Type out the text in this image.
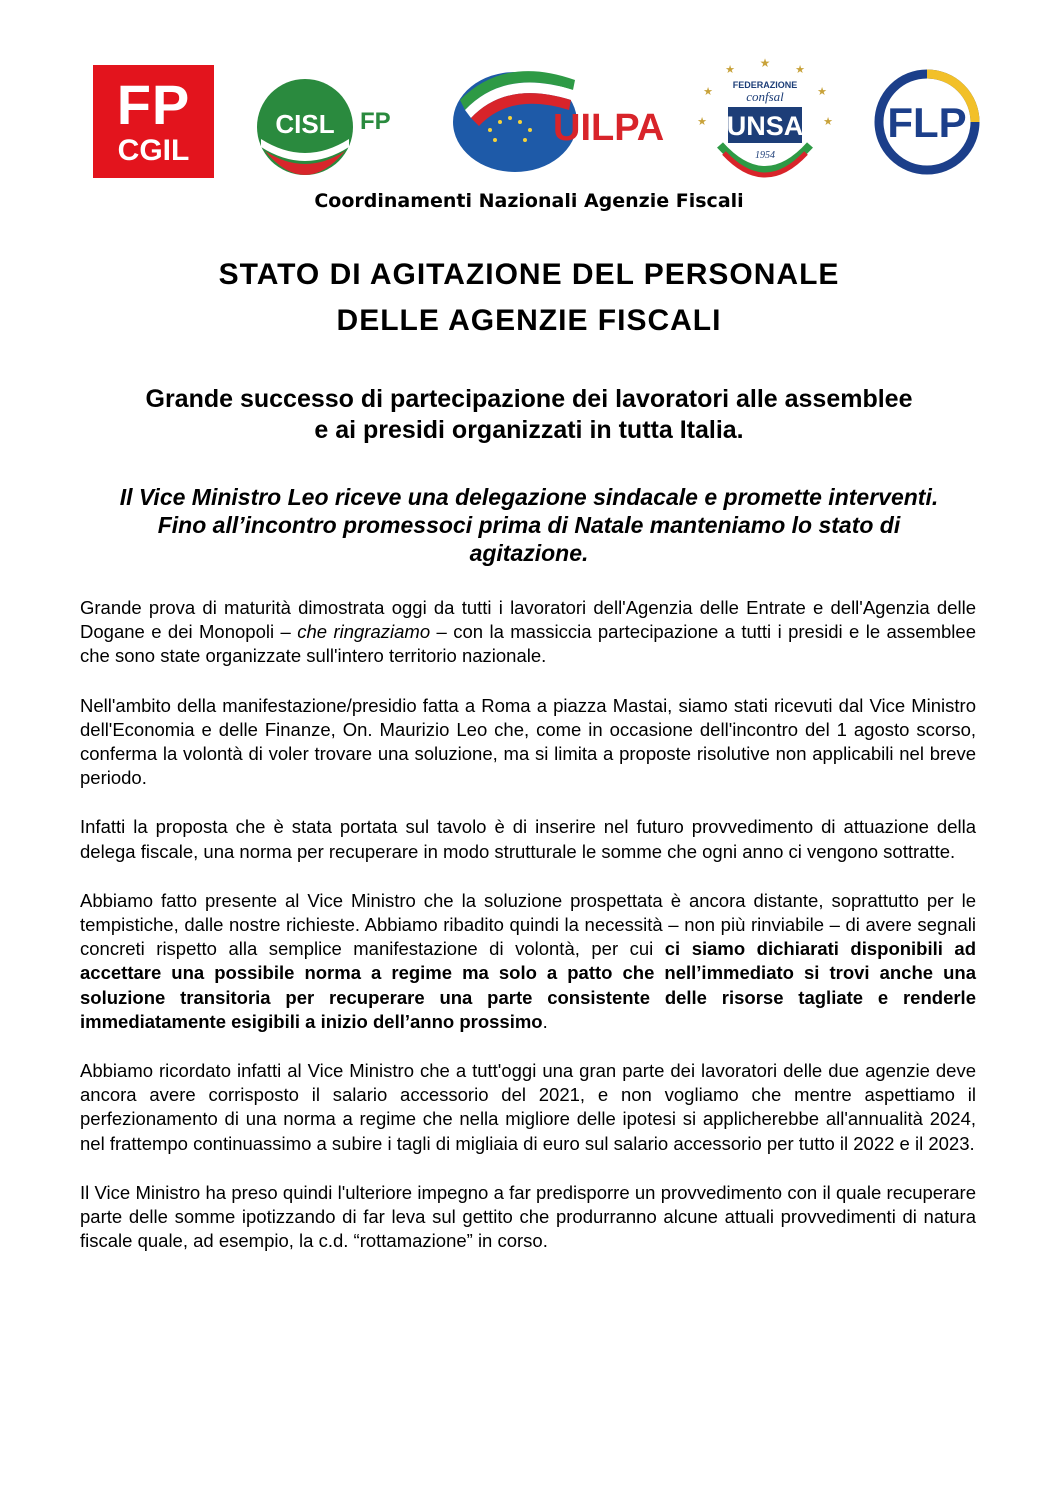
FP
CGIL
CISL FP	UILPA
★
★	★
★	★
★	★
FEDERAZIONE
confsal
UNSA
1954
FLP
Coordinamenti Nazionali Agenzie Fiscali
STATO DI AGITAZIONE DEL PERSONALE
DELLE AGENZIE FISCALI
Grande successo di partecipazione dei lavoratori alle assemblee
e ai presidi organizzati in tutta Italia.
Il Vice Ministro Leo riceve una delegazione sindacale e promette interventi.
Fino all’incontro promessoci prima di Natale manteniamo lo stato di
agitazione.

Grande prova di maturità dimostrata oggi da tutti i lavoratori dell'Agenzia delle Entrate e dell'Agenzia delle Dogane e dei Monopoli – che ringraziamo – con la massiccia partecipazione a tutti i presidi e le assemblee che sono state organizzate sull'intero territorio nazionale.

Nell'ambito della manifestazione/presidio fatta a Roma a piazza Mastai, siamo stati ricevuti dal Vice Ministro dell'Economia e delle Finanze, On. Maurizio Leo che, come in occasione dell'incontro del 1 agosto scorso, conferma la volontà di voler trovare una soluzione, ma si limita a proposte risolutive non applicabili nel breve periodo.

Infatti la proposta che è stata portata sul tavolo è di inserire nel futuro provvedimento di attuazione della delega fiscale, una norma per recuperare in modo strutturale le somme che ogni anno ci vengono sottratte.

Abbiamo fatto presente al Vice Ministro che la soluzione prospettata è ancora distante, soprattutto per le tempistiche, dalle nostre richieste. Abbiamo ribadito quindi la necessità – non più rinviabile – di avere segnali concreti rispetto alla semplice manifestazione di volontà, per cui ci siamo dichiarati disponibili ad accettare una possibile norma a regime ma solo a patto che nell’immediato si trovi anche una soluzione transitoria per recuperare una parte consistente delle risorse tagliate e renderle immediatamente esigibili a inizio dell’anno prossimo.

Abbiamo ricordato infatti al Vice Ministro che a tutt'oggi una gran parte dei lavoratori delle due agenzie deve ancora avere corrisposto il salario accessorio del 2021, e non vogliamo che mentre aspettiamo il perfezionamento di una norma a regime che nella migliore delle ipotesi si applicherebbe all'annualità 2024, nel frattempo continuassimo a subire i tagli di migliaia di euro sul salario accessorio per tutto il 2022 e il 2023.

Il Vice Ministro ha preso quindi l'ulteriore impegno a far predisporre un provvedimento con il quale recuperare parte delle somme ipotizzando di far leva sul gettito che produrranno alcune attuali provvedimenti di natura fiscale quale, ad esempio, la c.d. “rottamazione” in corso.
